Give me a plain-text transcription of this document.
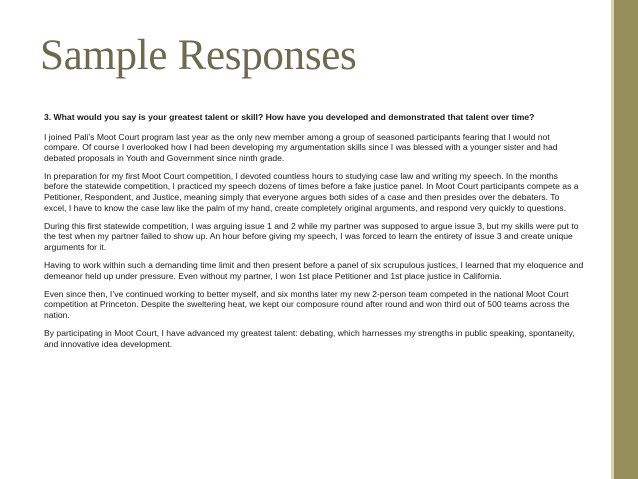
Sample Responses

3. What would you say is your greatest talent or skill? How have you developed and demonstrated that talent over time?

I joined Pali’s Moot Court program last year as the only new member among a group of seasoned participants fearing that I would not compare. Of course I overlooked how I had been developing my argumentation skills since I was blessed with a younger sister and had debated proposals in Youth and Government since ninth grade.

In preparation for my first Moot Court competition, I devoted countless hours to studying case law and writing my speech. In the months before the statewide competition, I practiced my speech dozens of times before a fake justice panel. In Moot Court participants compete as a Petitioner, Respondent, and Justice, meaning simply that everyone argues both sides of a case and then presides over the debaters. To excel, I have to know the case law like the palm of my hand, create completely original arguments, and respond very quickly to questions.

During this first statewide competition, I was arguing issue 1 and 2 while my partner was supposed to argue issue 3, but my skills were put to the test when my partner failed to show up. An hour before giving my speech, I was forced to learn the entirety of issue 3 and create unique arguments for it.

Having to work within such a demanding time limit and then present before a panel of six scrupulous justices, I learned that my eloquence and demeanor held up under pressure. Even without my partner, I won 1st place Petitioner and 1st place justice in California.

Even since then, I’ve continued working to better myself, and six months later my new 2-person team competed in the national Moot Court competition at Princeton. Despite the sweltering heat, we kept our composure round after round and won third out of 500 teams across the nation.

By participating in Moot Court, I have advanced my greatest talent: debating, which harnesses my strengths in public speaking, spontaneity, and innovative idea development.
